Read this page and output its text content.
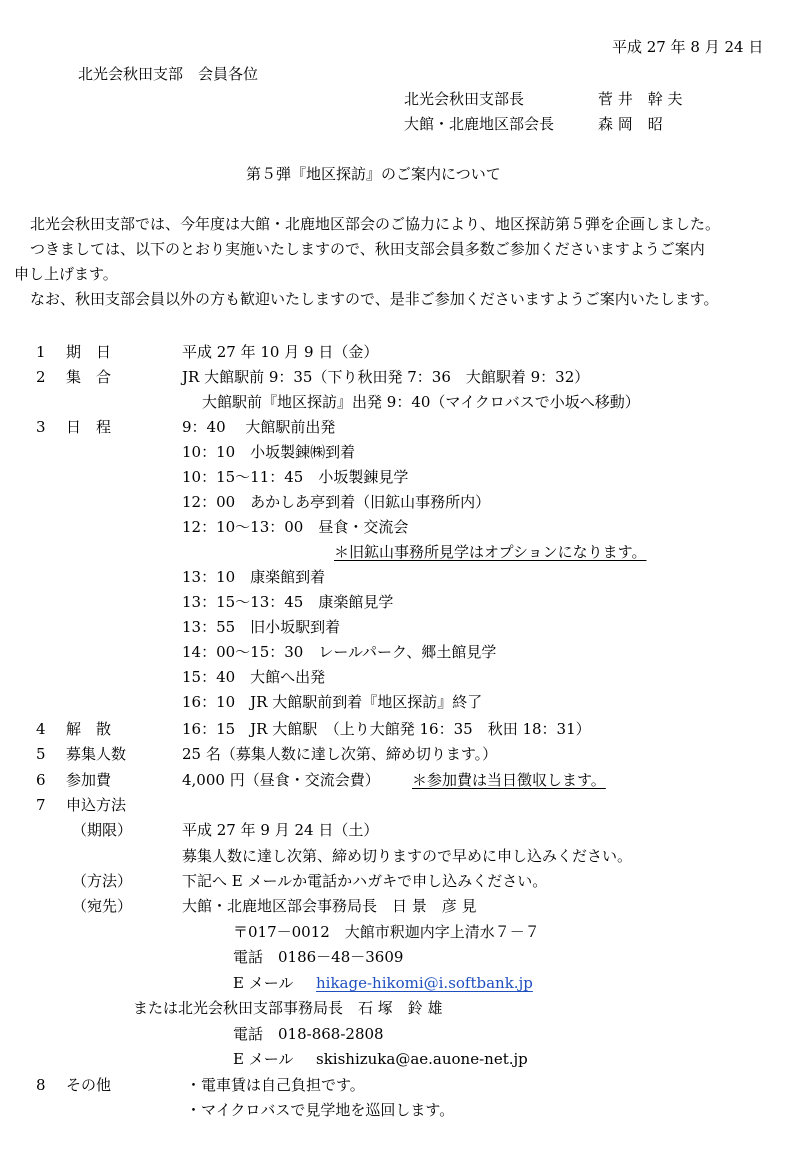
平成 27 年 8 月 24 日
北光会秋田支部　会員各位
北光会秋田支部長	菅 井　幹 夫
大館・北鹿地区部会長	森 岡　昭
第５弾『地区探訪』のご案内について
北光会秋田支部では、今年度は大館・北鹿地区部会のご協力により、地区探訪第５弾を企画しました。
つきましては、以下のとおり実施いたしますので、秋田支部会員多数ご参加くださいますようご案内
申し上げます。
なお、秋田支部会員以外の方も歓迎いたしますので、是非ご参加くださいますようご案内いたします。
1 期　日	平成 27 年 10 月 9 日（金）
2 集　合	JR 大館駅前 9：35（下り秋田発 7：36　大館駅着 9：32）
大館駅前『地区探訪』出発 9：40（マイクロバスで小坂へ移動）
3 日　程	9：40　 大館駅前出発
10：10　小坂製錬㈱到着
10：15～11：45　小坂製錬見学
12：00　あかしあ亭到着（旧鉱山事務所内）
12：10～13：00　昼食・交流会
＊旧鉱山事務所見学はオプションになります。
13：10　康楽館到着
13：15～13：45　康楽館見学
13：55　旧小坂駅到着
14：00～15：30　レールパーク、郷土館見学
15：40　大館へ出発
16：10　JR 大館駅前到着『地区探訪』終了
4 解　散	16：15　JR 大館駅　（上り大館発 16：35　秋田 18：31）
5 募集人数	25 名（募集人数に達し次第、締め切ります。）
6 参加費	4,000 円（昼食・交流会費） ＊参加費は当日徴収します。
7 申込方法
（期限）	平成 27 年 9 月 24 日（土）
募集人数に達し次第、締め切りますので早めに申し込みください。
（方法）	下記へ E メールか電話かハガキで申し込みください。
（宛先）	大館・北鹿地区部会事務局長　日 景　彦 見
〒017－0012　大館市釈迦内字上清水７－７
電話　0186－48－3609
E メール hikage-hikomi@i.softbank.jp
または北光会秋田支部事務局長　石 塚　鈴 雄
電話　018-868-2808
E メール skishizuka@ae.auone-net.jp
8 その他	・電車賃は自己負担です。
・マイクロバスで見学地を巡回します。
